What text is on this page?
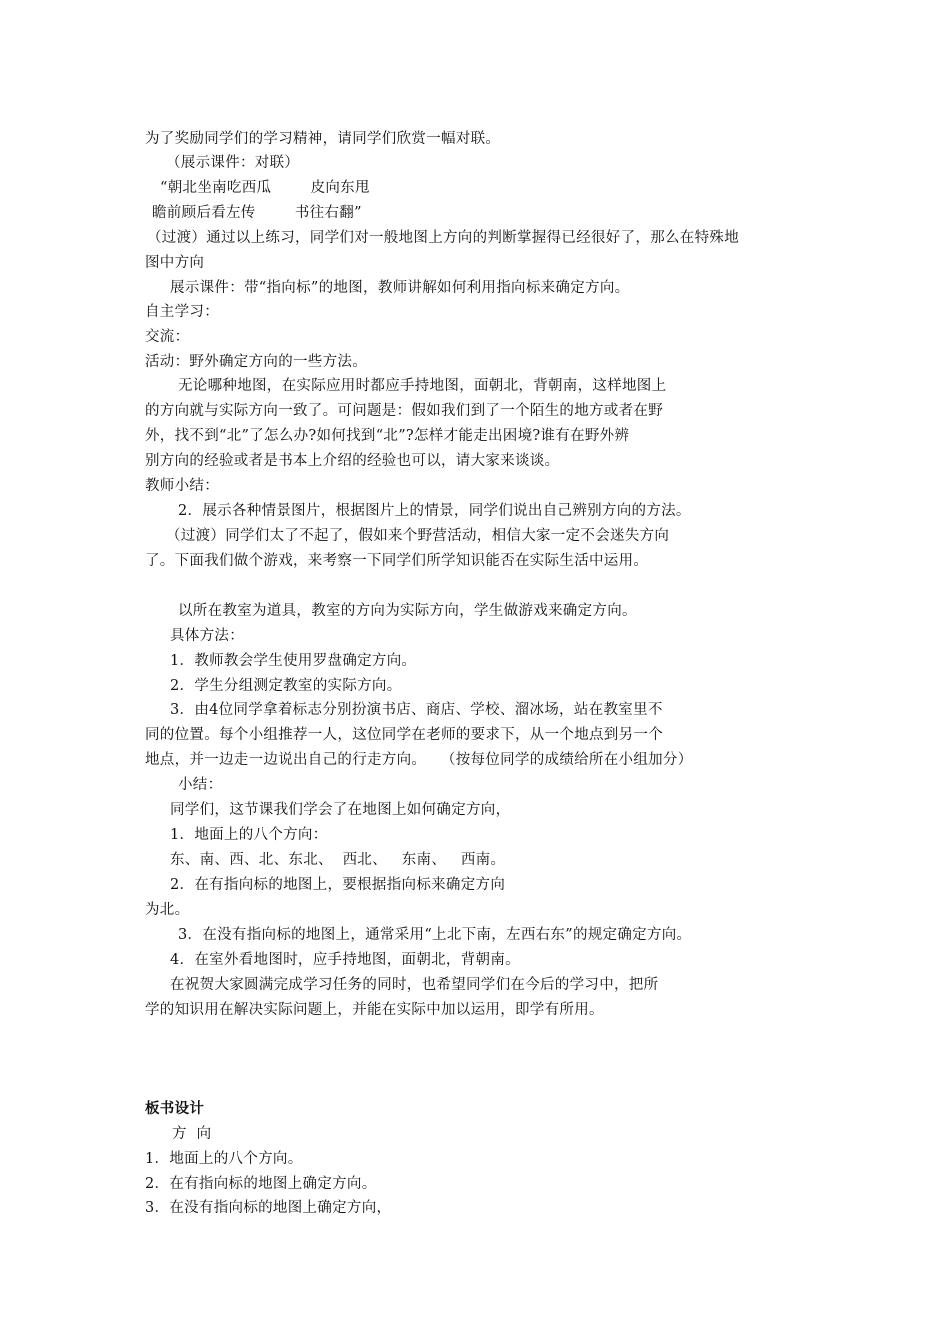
为了奖励同学们的学习精神，请同学们欣赏一幅对联。
（展示课件：对联）
“朝北坐南吃西瓜        皮向东甩
瞻前顾后看左传        书往右翻”
（过渡）通过以上练习，同学们对一般地图上方向的判断掌握得已经很好了，那么在特殊地
图中方向
展示课件：带“指向标”的地图，教师讲解如何利用指向标来确定方向。
自主学习：
交流：
活动：野外确定方向的一些方法。
无论哪种地图，在实际应用时都应手持地图，面朝北，背朝南，这样地图上
的方向就与实际方向一致了。可问题是：假如我们到了一个陌生的地方或者在野
外，找不到“北”了怎么办?如何找到“北”?怎样才能走出困境?谁有在野外辨
别方向的经验或者是书本上介绍的经验也可以，请大家来谈谈。
教师小结：
2．展示各种情景图片，根据图片上的情景，同学们说出自己辨别方向的方法。
（过渡）同学们太了不起了，假如来个野营活动，相信大家一定不会迷失方向
了。下面我们做个游戏，来考察一下同学们所学知识能否在实际生活中运用。
以所在教室为道具，教室的方向为实际方向，学生做游戏来确定方向。
具体方法：
1．教师教会学生使用罗盘确定方向。
2．学生分组测定教室的实际方向。
3．由4位同学拿着标志分别扮演书店、商店、学校、溜冰场，站在教室里不
同的位置。每个小组推荐一人，这位同学在老师的要求下，从一个地点到另一个
地点，并一边走一边说出自己的行走方向。   （按每位同学的成绩给所在小组加分）
小结：
同学们，这节课我们学会了在地图上如何确定方向，
1．地面上的八个方向：
东、南、西、北、东北、  西北、   东南、   西南。
2．在有指向标的地图上，要根据指向标来确定方向
为北。
3．在没有指向标的地图上，通常采用“上北下南，左西右东”的规定确定方向。
4．在室外看地图时，应手持地图，面朝北，背朝南。
在祝贺大家圆满完成学习任务的同时，也希望同学们在今后的学习中，把所
学的知识用在解决实际问题上，并能在实际中加以运用，即学有所用。
板书设计
方  向
1．地面上的八个方向。
2．在有指向标的地图上确定方向。
3．在没有指向标的地图上确定方向，
